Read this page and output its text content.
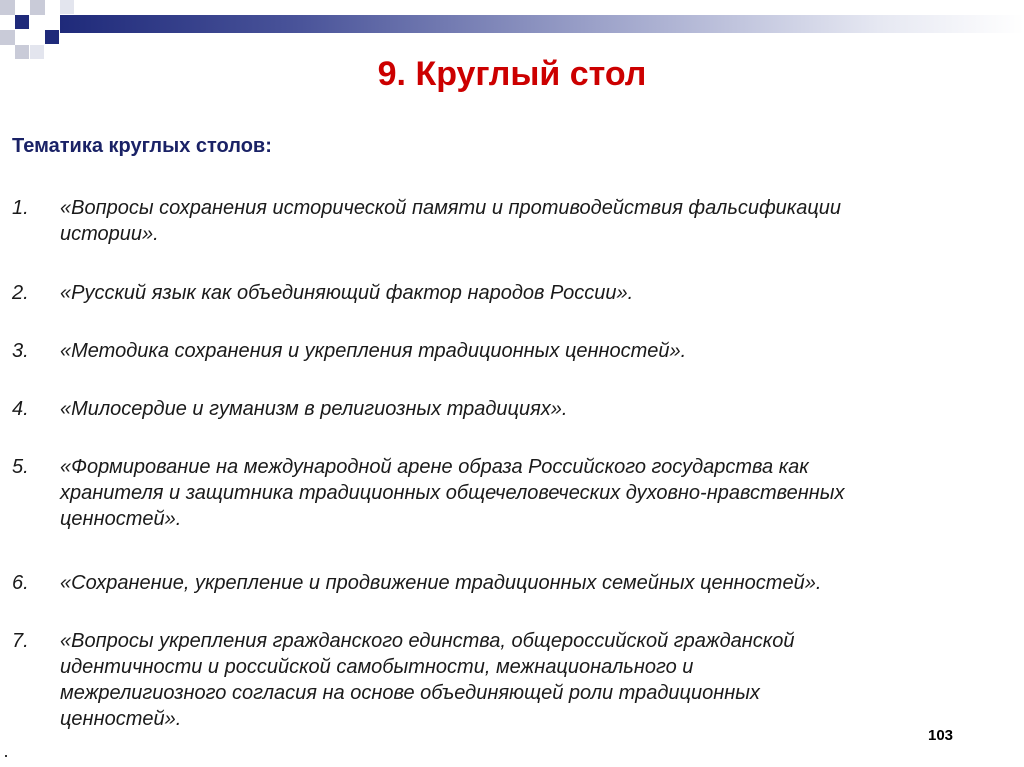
9. Круглый стол
Тематика круглых столов:
1.	«Вопросы сохранения исторической памяти и противодействия фальсификации
истории».
2.	«Русский язык как объединяющий фактор народов России».
3.	«Методика сохранения и укрепления традиционных ценностей».
4.	«Милосердие и гуманизм в религиозных традициях».
5.	«Формирование на международной арене образа Российского государства как
хранителя и защитника традиционных общечеловеческих духовно-нравственных
ценностей».
6.	«Сохранение, укрепление и продвижение традиционных семейных ценностей».
7.	«Вопросы укрепления гражданского единства, общероссийской гражданской
идентичности и российской самобытности, межнационального и
межрелигиозного согласия на основе объединяющей роли традиционных
ценностей».
103
